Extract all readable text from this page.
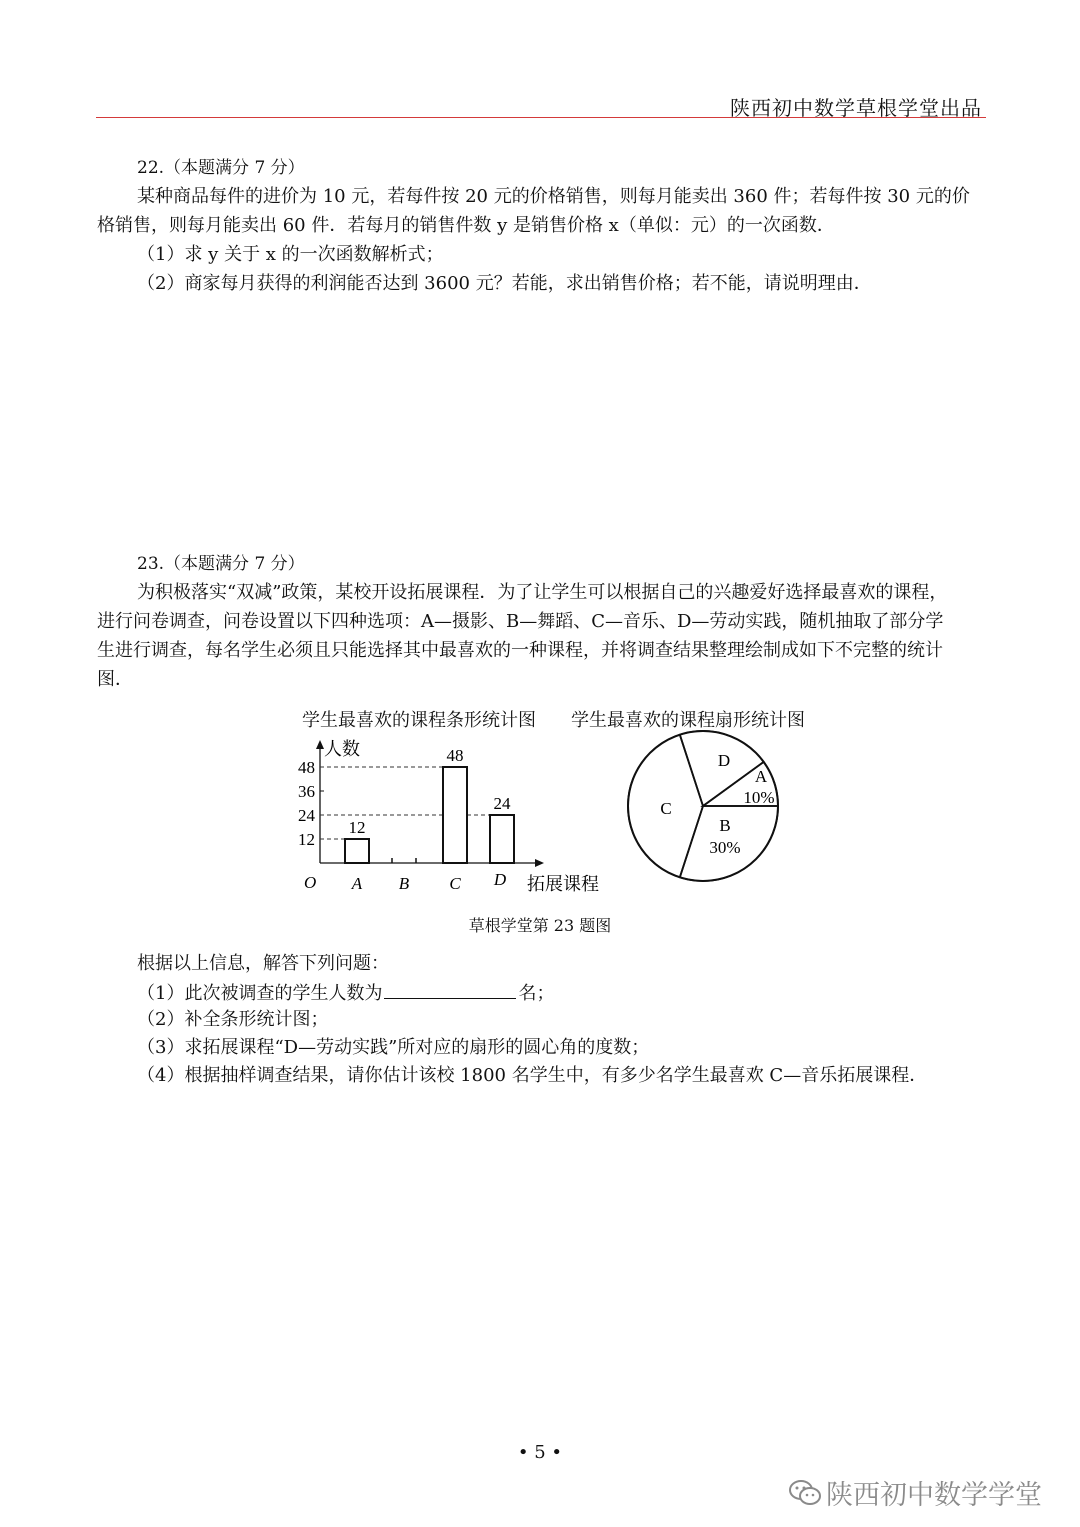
陕西初中数学草根学堂出品
22.（本题满分 7 分）
某种商品每件的进价为 10 元，若每件按 20 元的价格销售，则每月能卖出 360 件；若每件按 30 元的价
格销售，则每月能卖出 60 件．若每月的销售件数 y 是销售价格 x（单似：元）的一次函数．
（1）求 y 关于 x 的一次函数解析式；
（2）商家每月获得的利润能否达到 3600 元？若能，求出销售价格；若不能，请说明理由．
23.（本题满分 7 分）
为积极落实“双减”政策，某校开设拓展课程．为了让学生可以根据自己的兴趣爱好选择最喜欢的课程，
进行问卷调查，问卷设置以下四种选项：A—摄影、B—舞蹈、C—音乐、D—劳动实践，随机抽取了部分学
生进行调查，每名学生必须且只能选择其中最喜欢的一种课程，并将调查结果整理绘制成如下不完整的统计
图．
学生最喜欢的课程条形统计图 学生最喜欢的课程扇形统计图
人数
拓展课程
O
12
24
36
48
12
A B
48
C
24
D
A
10%
D
C
B
30%
草根学堂第 23 题图
根据以上信息，解答下列问题：
（1）此次被调查的学生人数为	名；
（2）补全条形统计图；
（3）求拓展课程“D—劳动实践”所对应的扇形的圆心角的度数；
（4）根据抽样调查结果，请你估计该校 1800 名学生中，有多少名学生最喜欢 C—音乐拓展课程．
• 5 •
陕西初中数学学堂
